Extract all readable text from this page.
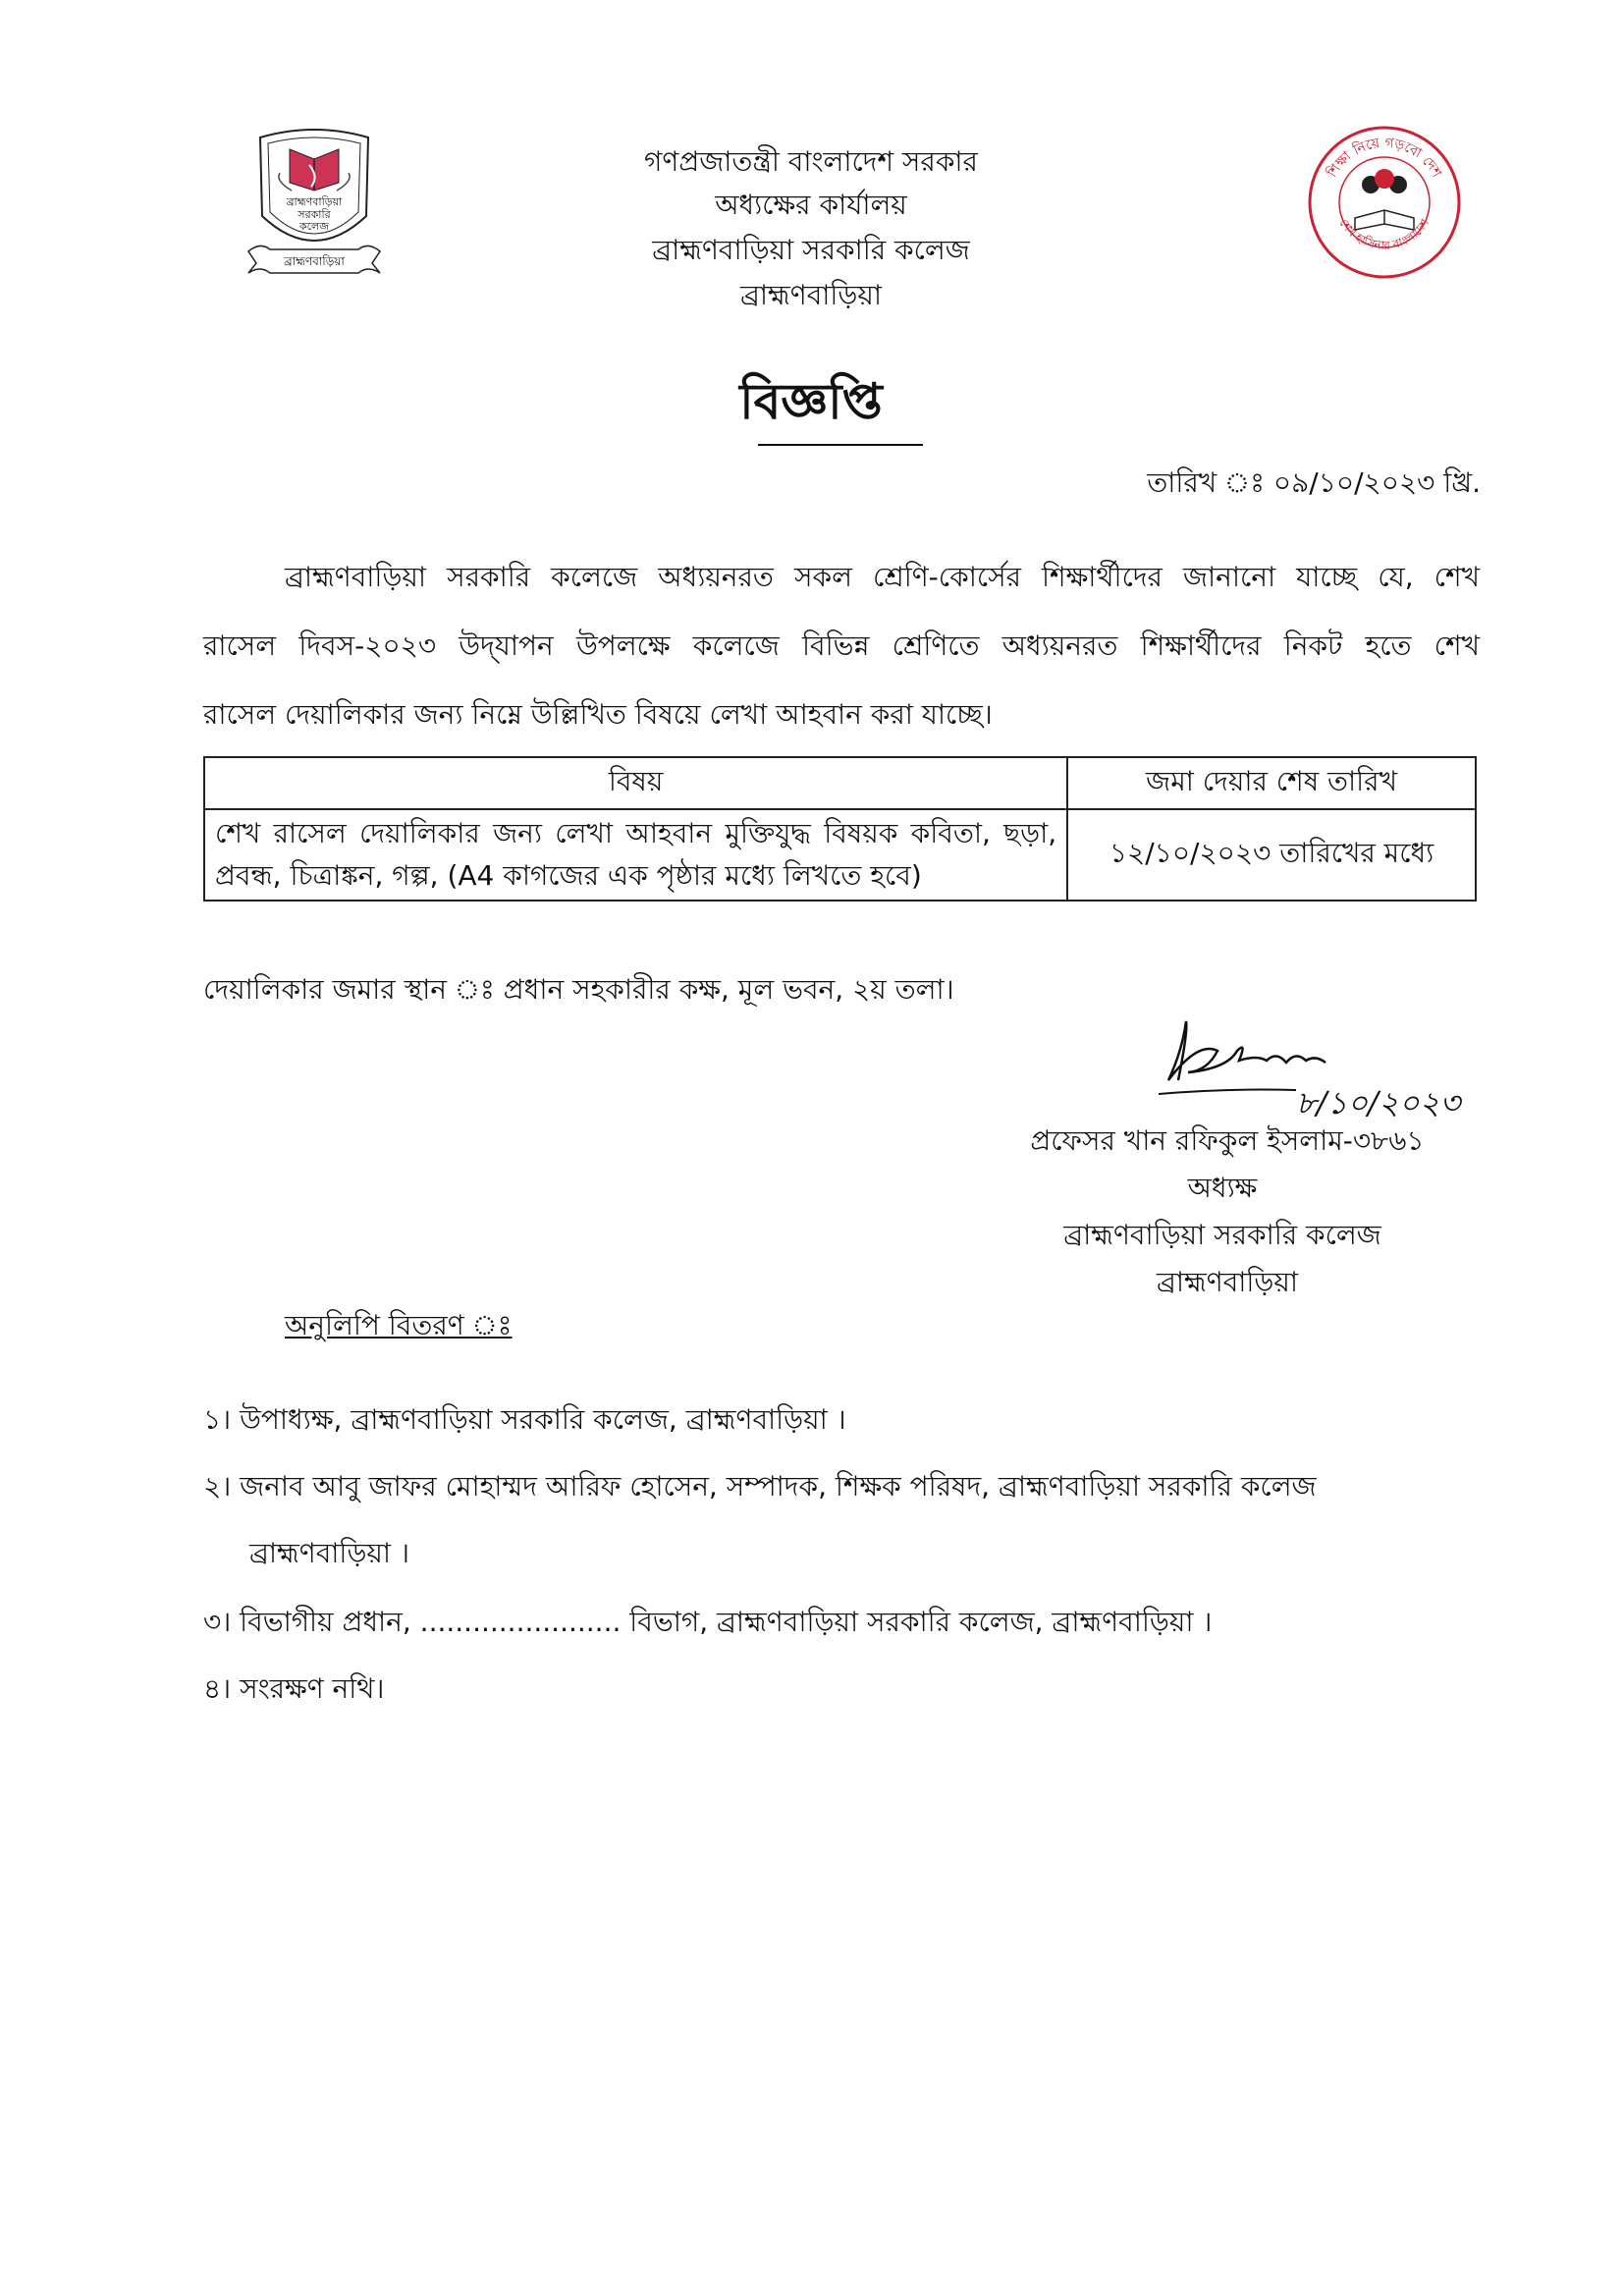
ব্রাহ্মণবাড়িয়া
সরকারি
কলেজ
ব্রাহ্মণবাড়িয়া
গণপ্রজাতন্ত্রী বাংলাদেশ সরকার
অধ্যক্ষের কার্যালয়
ব্রাহ্মণবাড়িয়া সরকারি কলেজ
ব্রাহ্মণবাড়িয়া
শিক্ষা নিয়ে গড়বো দেশ
শেখ হাসিনার বাংলাদেশ
বিজ্ঞপ্তি
তারিখ ঃ ০৯/১০/২০২৩ খ্রি.
ব্রাহ্মণবাড়িয়া সরকারি কলেজে অধ্যয়নরত সকল শ্রেণি-কোর্সের শিক্ষার্থীদের জানানো যাচ্ছে যে, শেখ
রাসেল দিবস-২০২৩ উদ্‌যাপন উপলক্ষে কলেজে বিভিন্ন শ্রেণিতে অধ্যয়নরত শিক্ষার্থীদের নিকট হতে শেখ
রাসেল দেয়ালিকার জন্য নিম্নে উল্লিখিত বিষয়ে লেখা আহবান করা যাচ্ছে।
বিষয়	জমা দেয়ার শেষ তারিখ
শেখ রাসেল দেয়ালিকার জন্য লেখা আহবান মুক্তিযুদ্ধ বিষয়ক কবিতা, ছড়া, প্রবন্ধ, চিত্রাঙ্কন, গল্প, (A4 কাগজের এক পৃষ্ঠার মধ্যে লিখতে হবে)	১২/১০/২০২৩ তারিখের মধ্যে
দেয়ালিকার জমার স্থান ঃ প্রধান সহকারীর কক্ষ, মূল ভবন, ২য় তলা।
৮/১০/২০২৩
প্রফেসর খান রফিকুল ইসলাম-৩৮৬১
অধ্যক্ষ
ব্রাহ্মণবাড়িয়া সরকারি কলেজ
ব্রাহ্মণবাড়িয়া
অনুলিপি বিতরণ ঃ
১। উপাধ্যক্ষ, ব্রাহ্মণবাড়িয়া সরকারি কলেজ, ব্রাহ্মণবাড়িয়া ।
২। জনাব আবু জাফর মোহাম্মদ আরিফ হোসেন, সম্পাদক, শিক্ষক পরিষদ, ব্রাহ্মণবাড়িয়া সরকারি কলেজ
ব্রাহ্মণবাড়িয়া ।
৩। বিভাগীয় প্রধান, ....................... বিভাগ, ব্রাহ্মণবাড়িয়া সরকারি কলেজ, ব্রাহ্মণবাড়িয়া ।
৪। সংরক্ষণ নথি।
